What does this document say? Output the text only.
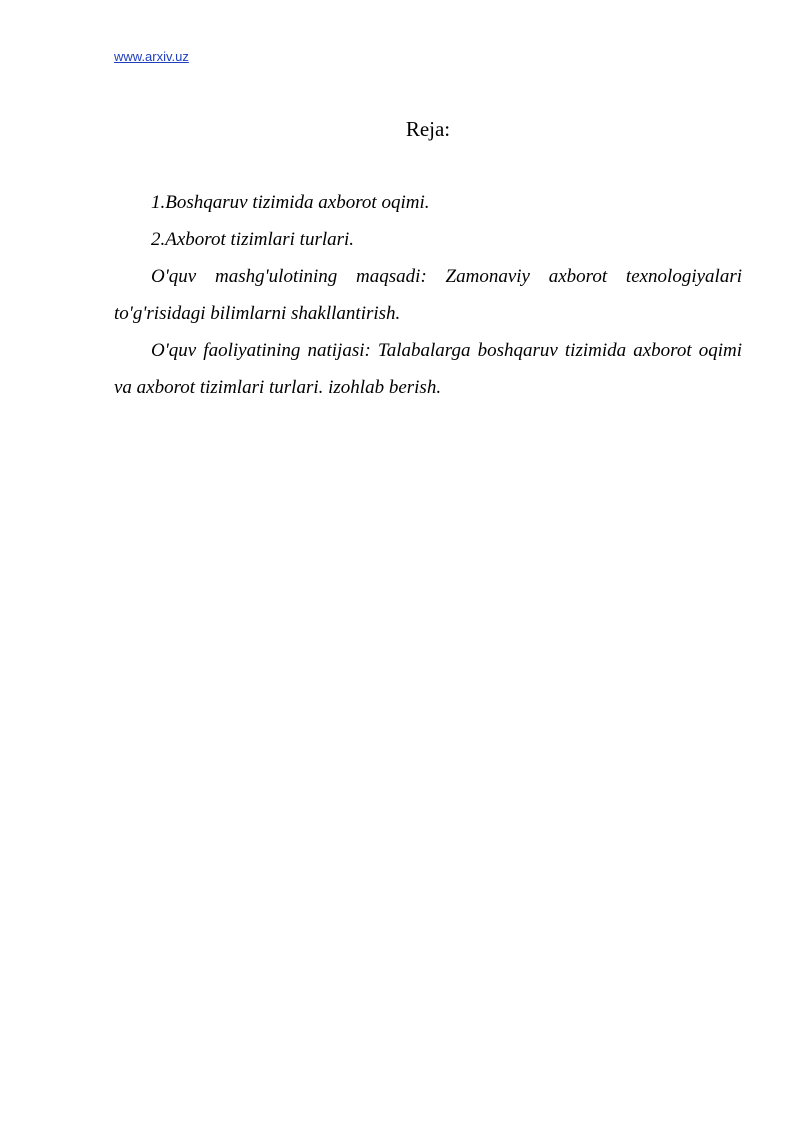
www.arxiv.uz
Reja:

1.Boshqaruv tizimida axborot oqimi.

2.Axborot tizimlari turlari.

O'quv mashg'ulotining maqsadi: Zamonaviy axborot texnologiyalari to'g'risidagi bilimlarni shakllantirish.

O'quv faoliyatining natijasi: Talabalarga boshqaruv tizimida axborot oqimi va axborot tizimlari turlari. izohlab berish.
